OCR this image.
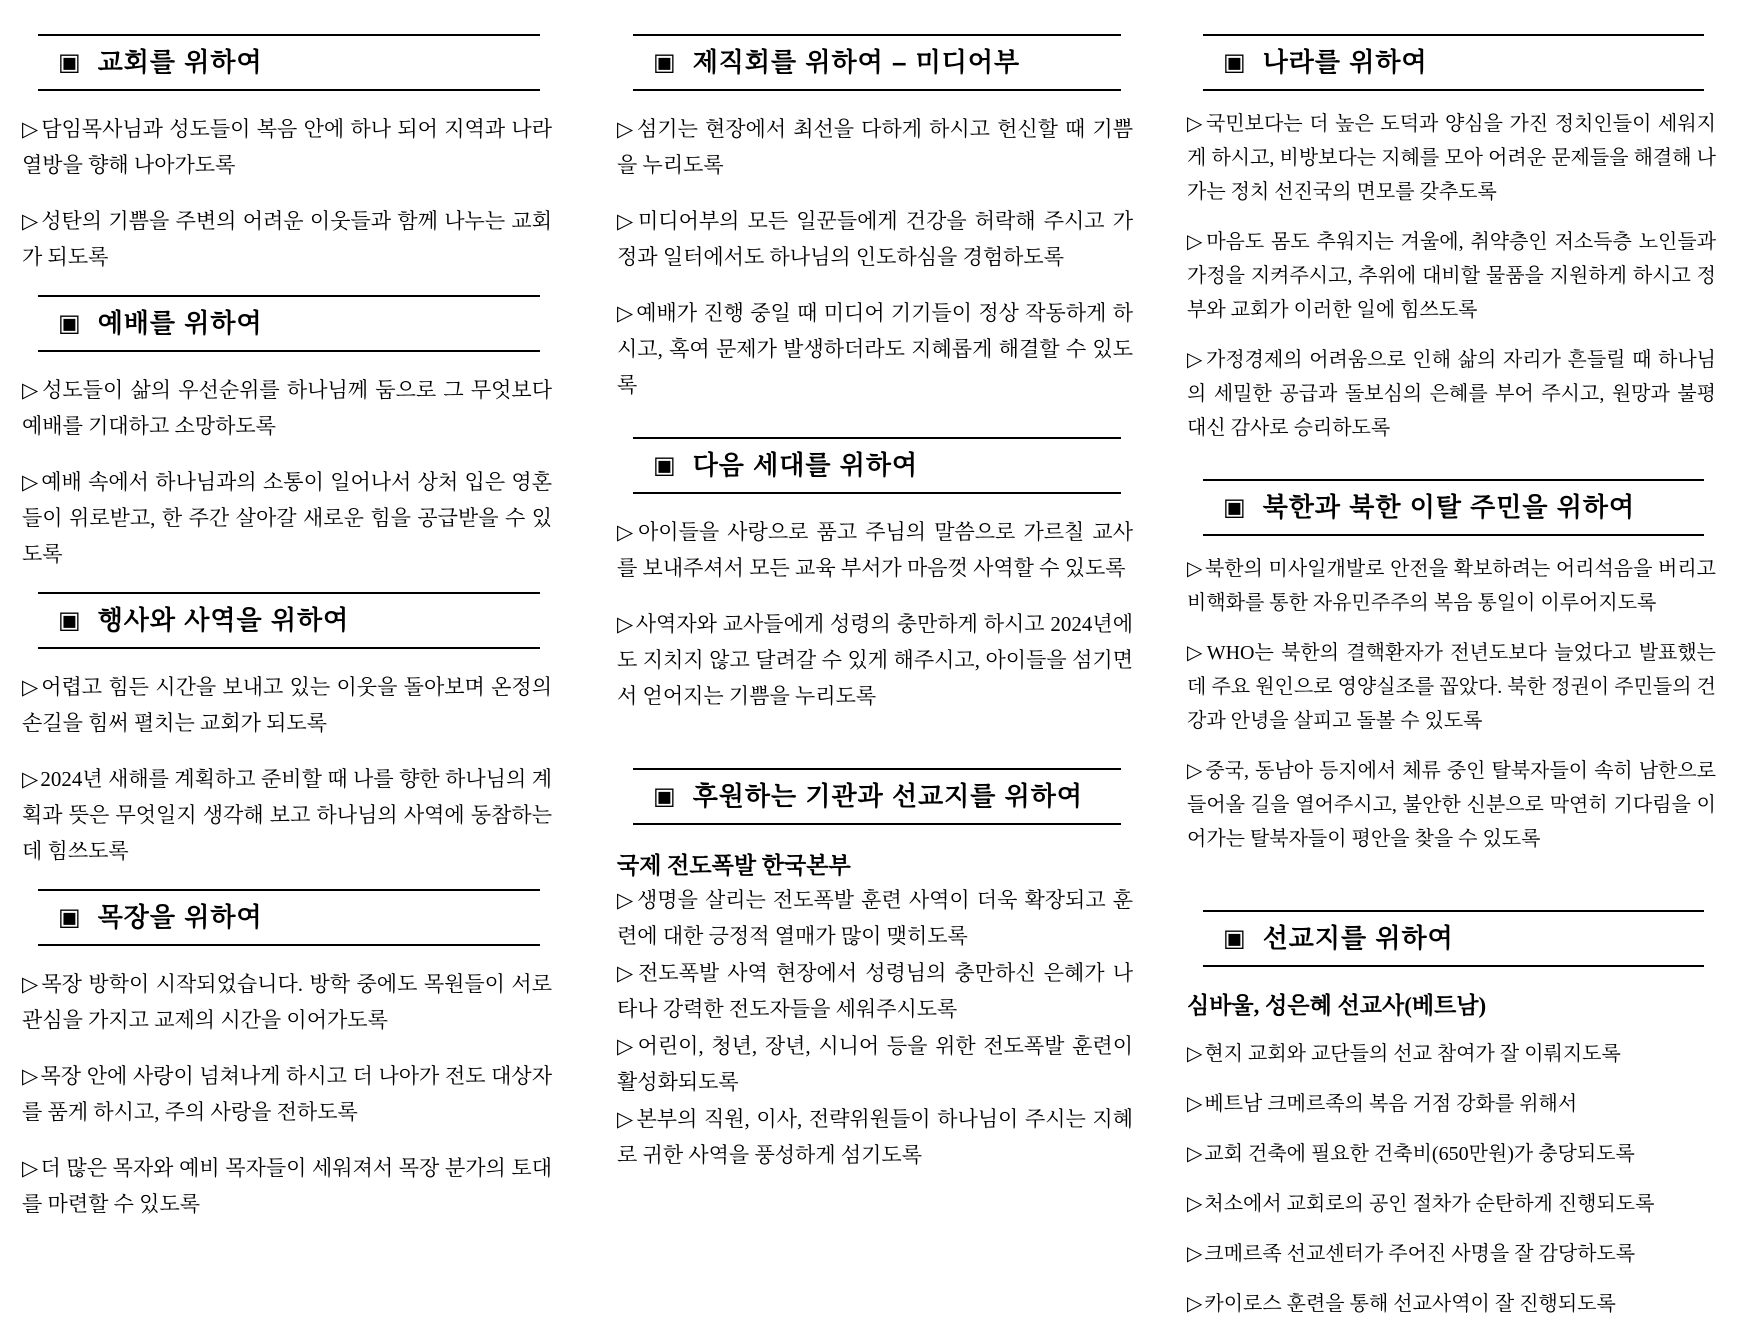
▣ 교회를 위하여

▷담임목사님과 성도들이 복음 안에 하나 되어 지역과 나라 열방을 향해 나아가도록

▷성탄의 기쁨을 주변의 어려운 이웃들과 함께 나누는 교회가 되도록

▣ 예배를 위하여

▷성도들이 삶의 우선순위를 하나님께 둠으로 그 무엇보다 예배를 기대하고 소망하도록

▷예배 속에서 하나님과의 소통이 일어나서 상처 입은 영혼들이 위로받고, 한 주간 살아갈 새로운 힘을 공급받을 수 있도록

▣ 행사와 사역을 위하여

▷어렵고 힘든 시간을 보내고 있는 이웃을 돌아보며 온정의 손길을 힘써 펼치는 교회가 되도록

▷2024년 새해를 계획하고 준비할 때 나를 향한 하나님의 계획과 뜻은 무엇일지 생각해 보고 하나님의 사역에 동참하는 데 힘쓰도록

▣ 목장을 위하여

▷목장 방학이 시작되었습니다. 방학 중에도 목원들이 서로 관심을 가지고 교제의 시간을 이어가도록

▷목장 안에 사랑이 넘쳐나게 하시고 더 나아가 전도 대상자를 품게 하시고, 주의 사랑을 전하도록

▷더 많은 목자와 예비 목자들이 세워져서 목장 분가의 토대를 마련할 수 있도록

▣ 제직회를 위하여 – 미디어부

▷섬기는 현장에서 최선을 다하게 하시고 헌신할 때 기쁨을 누리도록

▷미디어부의 모든 일꾼들에게 건강을 허락해 주시고 가정과 일터에서도 하나님의 인도하심을 경험하도록

▷예배가 진행 중일 때 미디어 기기들이 정상 작동하게 하시고, 혹여 문제가 발생하더라도 지혜롭게 해결할 수 있도록

▣ 다음 세대를 위하여

▷아이들을 사랑으로 품고 주님의 말씀으로 가르칠 교사를 보내주셔서 모든 교육 부서가 마음껏 사역할 수 있도록

▷사역자와 교사들에게 성령의 충만하게 하시고 2024년에도 지치지 않고 달려갈 수 있게 해주시고, 아이들을 섬기면서 얻어지는 기쁨을 누리도록

▣ 후원하는 기관과 선교지를 위하여

국제 전도폭발 한국본부

▷생명을 살리는 전도폭발 훈련 사역이 더욱 확장되고 훈련에 대한 긍정적 열매가 많이 맺히도록

▷전도폭발 사역 현장에서 성령님의 충만하신 은혜가 나타나 강력한 전도자들을 세워주시도록

▷어린이, 청년, 장년, 시니어 등을 위한 전도폭발 훈련이 활성화되도록

▷본부의 직원, 이사, 전략위원들이 하나님이 주시는 지혜로 귀한 사역을 풍성하게 섬기도록

▣ 나라를 위하여

▷ 국민보다는 더 높은 도덕과 양심을 가진 정치인들이 세워지게 하시고, 비방보다는 지혜를 모아 어려운 문제들을 해결해 나가는 정치 선진국의 면모를 갖추도록

▷ 마음도 몸도 추워지는 겨울에, 취약층인 저소득층 노인들과 가정을 지켜주시고, 추위에 대비할 물품을 지원하게 하시고 정부와 교회가 이러한 일에 힘쓰도록

▷ 가정경제의 어려움으로 인해 삶의 자리가 흔들릴 때 하나님의 세밀한 공급과 돌보심의 은혜를 부어 주시고, 원망과 불평 대신 감사로 승리하도록

▣ 북한과 북한 이탈 주민을 위하여

▷ 북한의 미사일개발로 안전을 확보하려는 어리석음을 버리고 비핵화를 통한 자유민주주의 복음 통일이 이루어지도록

▷ WHO는 북한의 결핵환자가 전년도보다 늘었다고 발표했는데 주요 원인으로 영양실조를 꼽았다. 북한 정권이 주민들의 건강과 안녕을 살피고 돌볼 수 있도록

▷ 중국, 동남아 등지에서 체류 중인 탈북자들이 속히 남한으로 들어올 길을 열어주시고, 불안한 신분으로 막연히 기다림을 이어가는 탈북자들이 평안을 찾을 수 있도록

▣ 선교지를 위하여

심바울, 성은혜 선교사(베트남)

▷ 현지 교회와 교단들의 선교 참여가 잘 이뤄지도록

▷ 베트남 크메르족의 복음 거점 강화를 위해서

▷ 교회 건축에 필요한 건축비(650만원)가 충당되도록

▷ 처소에서 교회로의 공인 절차가 순탄하게 진행되도록

▷ 크메르족 선교센터가 주어진 사명을 잘 감당하도록

▷ 카이로스 훈련을 통해 선교사역이 잘 진행되도록
